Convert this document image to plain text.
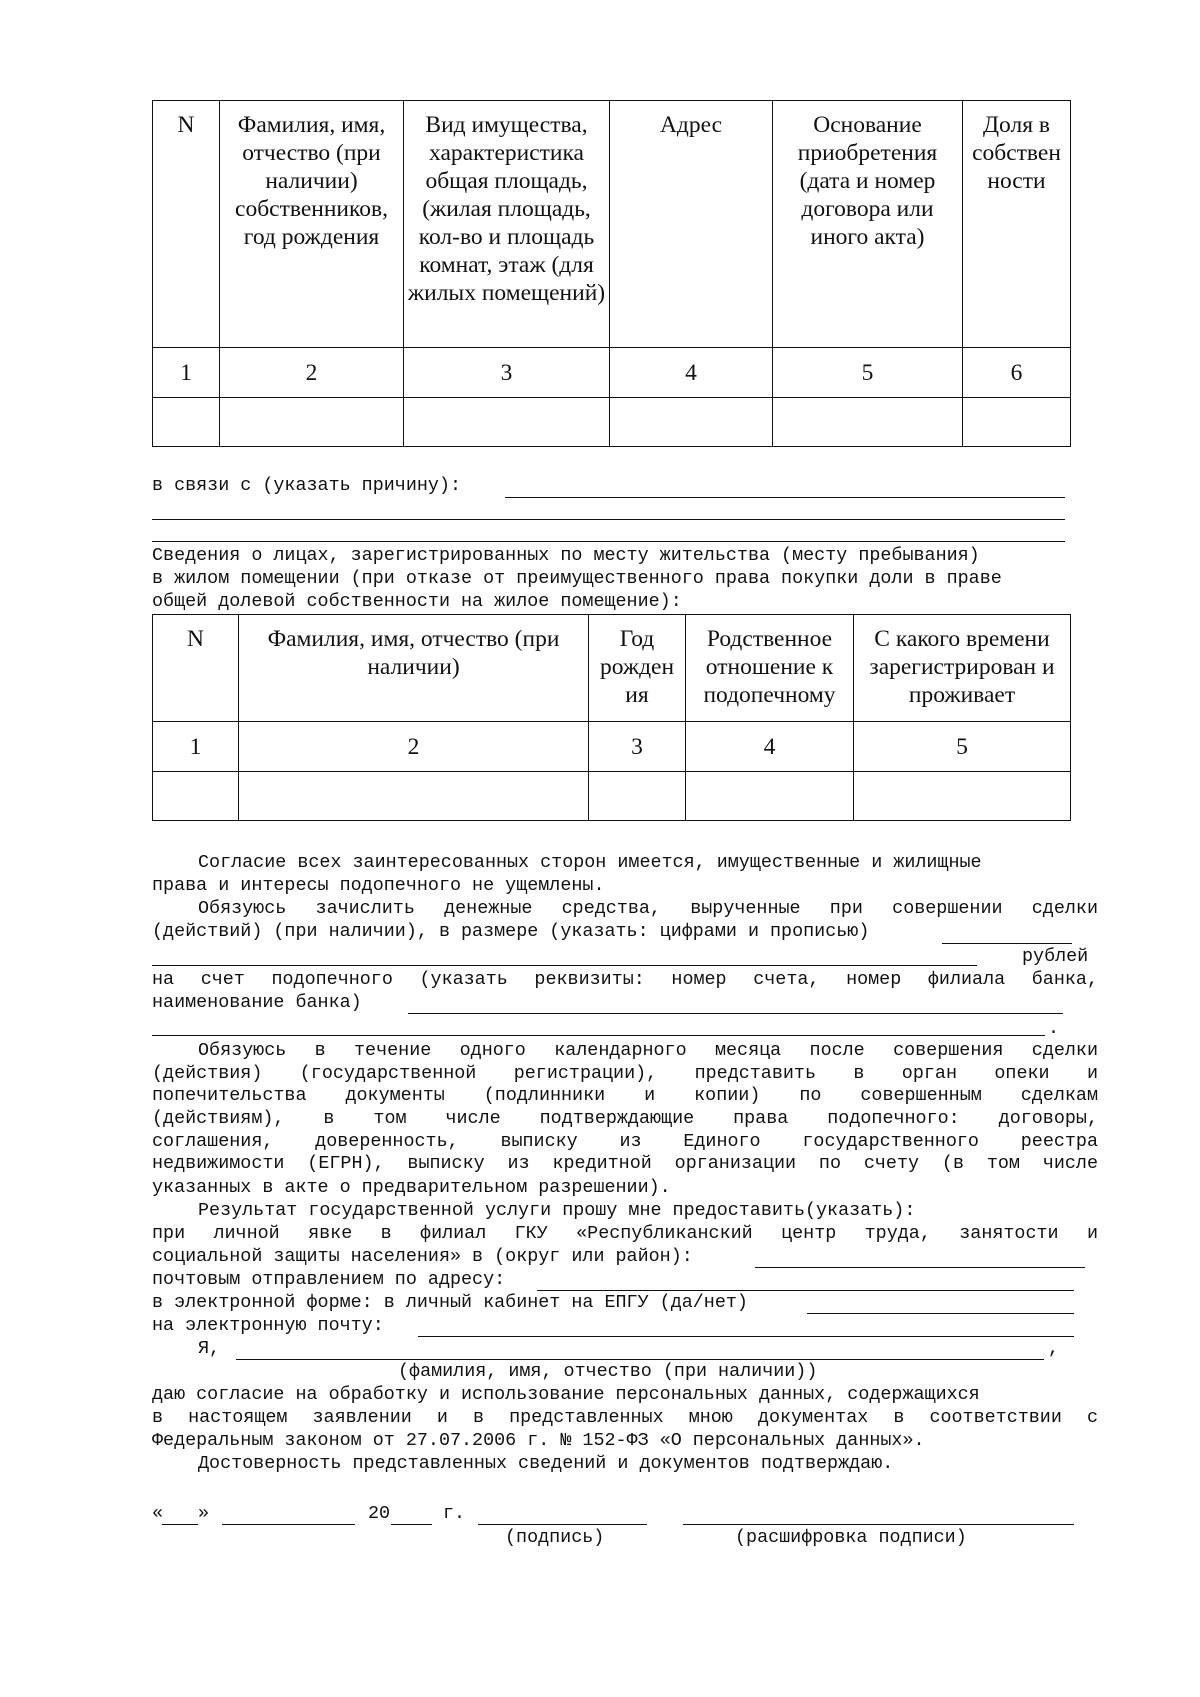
N	Фамилия, имя, отчество (при наличии) собственников, год рождения	Вид имущества, характеристика общая площадь, (жилая площадь, кол-во и площадь комнат, этаж (для жилых помещений)	Адрес	Основание приобретения (дата и номер договора или иного акта)	Доля в собствен ности

1	2	3	4	5	6

в связи с (указать причину):
Сведения о лицах, зарегистрированных по месту жительства (месту пребывания)
в жилом помещении (при отказе от преимущественного права покупки доли в праве
общей долевой собственности на жилое помещение):
N	Фамилия, имя, отчество (при наличии)	Год рожден ия	Родственное отношение к подопечному	С какого времени зарегистрирован и проживает

1	2	3	4	5

Согласие всех заинтересованных сторон имеется, имущественные и жилищные
права и интересы подопечного не ущемлены.
Обязуюсь зачислить денежные средства, вырученные при совершении сделки
(действий) (при наличии), в размере (указать: цифрами и прописью)
рублей
на счет подопечного (указать реквизиты: номер счета, номер филиала банка,
наименование банка)
.
Обязуюсь в течение одного календарного месяца после совершения сделки
(действия) (государственной регистрации), представить в орган опеки и
попечительства документы (подлинники и копии) по совершенным сделкам
(действиям), в том числе подтверждающие права подопечного: договоры,
соглашения, доверенность, выписку из Единого государственного реестра
недвижимости (ЕГРН), выписку из кредитной организации по счету (в том числе
указанных в акте о предварительном разрешении).
Результат государственной услуги прошу мне предоставить(указать):
при личной явке в филиал ГКУ «Республиканский центр труда, занятости и
социальной защиты населения» в (округ или район):
почтовым отправлением по адресу:
в электронной форме: в личный кабинет на ЕПГУ (да/нет)
на электронную почту:
Я,	,
(фамилия, имя, отчество (при наличии))
даю согласие на обработку и использование персональных данных, содержащихся
в настоящем заявлении и в представленных мною документах в соответствии с
Федеральным законом от 27.07.2006 г. № 152-ФЗ «О персональных данных».
Достоверность представленных сведений и документов подтверждаю.
« »	20	г.
(подпись)	(расшифровка подписи)
